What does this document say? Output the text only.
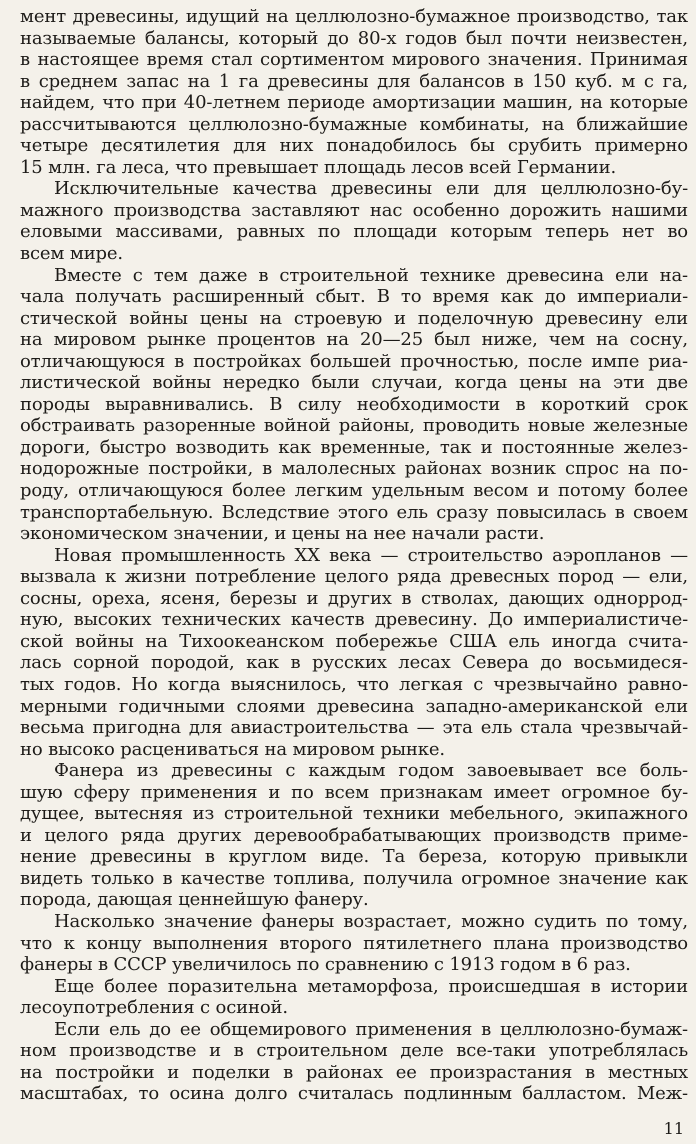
мент древесины, идущий на целлюлозно-бумажное производство, так
называемые балансы, который до 80-х годов был почти неизвестен,
в настоящее время стал сортиментом мирового значения. Принимая
в среднем запас на 1 га древесины для балансов в 150 куб. м с га,
найдем, что при 40-летнем периоде амортизации машин, на которые
рассчитываются целлюлозно-бумажные комбинаты, на ближайшие
четыре десятилетия для них понадобилось бы срубить примерно
15 млн. га леса, что превышает площадь лесов всей Германии.
Исключительные качества древесины ели для целлюлозно-бу-
мажного производства заставляют нас особенно дорожить нашими
еловыми массивами, равных по площади которым теперь нет во
всем мире.
Вместе с тем даже в строительной технике древесина ели на-
чала получать расширенный сбыт. В то время как до империали-
стической войны цены на строевую и поделочную древесину ели
на мировом рынке процентов на 20—25 был ниже, чем на сосну,
отличающуюся в постройках большей прочностью, после импе риа-
листической войны нередко были случаи, когда цены на эти две
породы выравнивались. В силу необходимости в короткий срок
обстраивать разоренные войной районы, проводить новые железные
дороги, быстро возводить как временные, так и постоянные желез-
нодорожные постройки, в малолесных районах возник спрос на по-
роду, отличающуюся более легким удельным весом и потому более
транспортабельную. Вследствие этого ель сразу повысилась в своем
экономическом значении, и цены на нее начали расти.
Новая промышленность XX века — строительство аэропланов —
вызвала к жизни потребление целого ряда древесных пород — ели,
сосны, ореха, ясеня, березы и других в стволах, дающих одноррод-
ную, высоких технических качеств древесину. До империалистиче-
ской войны на Тихоокеанском побережье США ель иногда счита-
лась сорной породой, как в русских лесах Севера до восьмидеся-
тых годов. Но когда выяснилось, что легкая с чрезвычайно равно-
мерными годичными слоями древесина западно-американской ели
весьма пригодна для авиастроительства — эта ель стала чрезвычай-
но высоко расцениваться на мировом рынке.
Фанера из древесины с каждым годом завоевывает все боль-
шую сферу применения и по всем признакам имеет огромное бу-
дущее, вытесняя из строительной техники мебельного, экипажного
и целого ряда других деревообрабатывающих производств приме-
нение древесины в круглом виде. Та береза, которую привыкли
видеть только в качестве топлива, получила огромное значение как
порода, дающая ценнейшую фанеру.
Насколько значение фанеры возрастает, можно судить по тому,
что к концу выполнения второго пятилетнего плана производство
фанеры в СССР увеличилось по сравнению с 1913 годом в 6 раз.
Еще более поразительна метаморфоза, происшедшая в истории
лесоупотребления с осиной.
Если ель до ее общемирового применения в целлюлозно-бумаж-
ном производстве и в строительном деле все-таки употреблялась
на постройки и поделки в районах ее произрастания в местных
масштабах, то осина долго считалась подлинным балластом. Меж-
11
